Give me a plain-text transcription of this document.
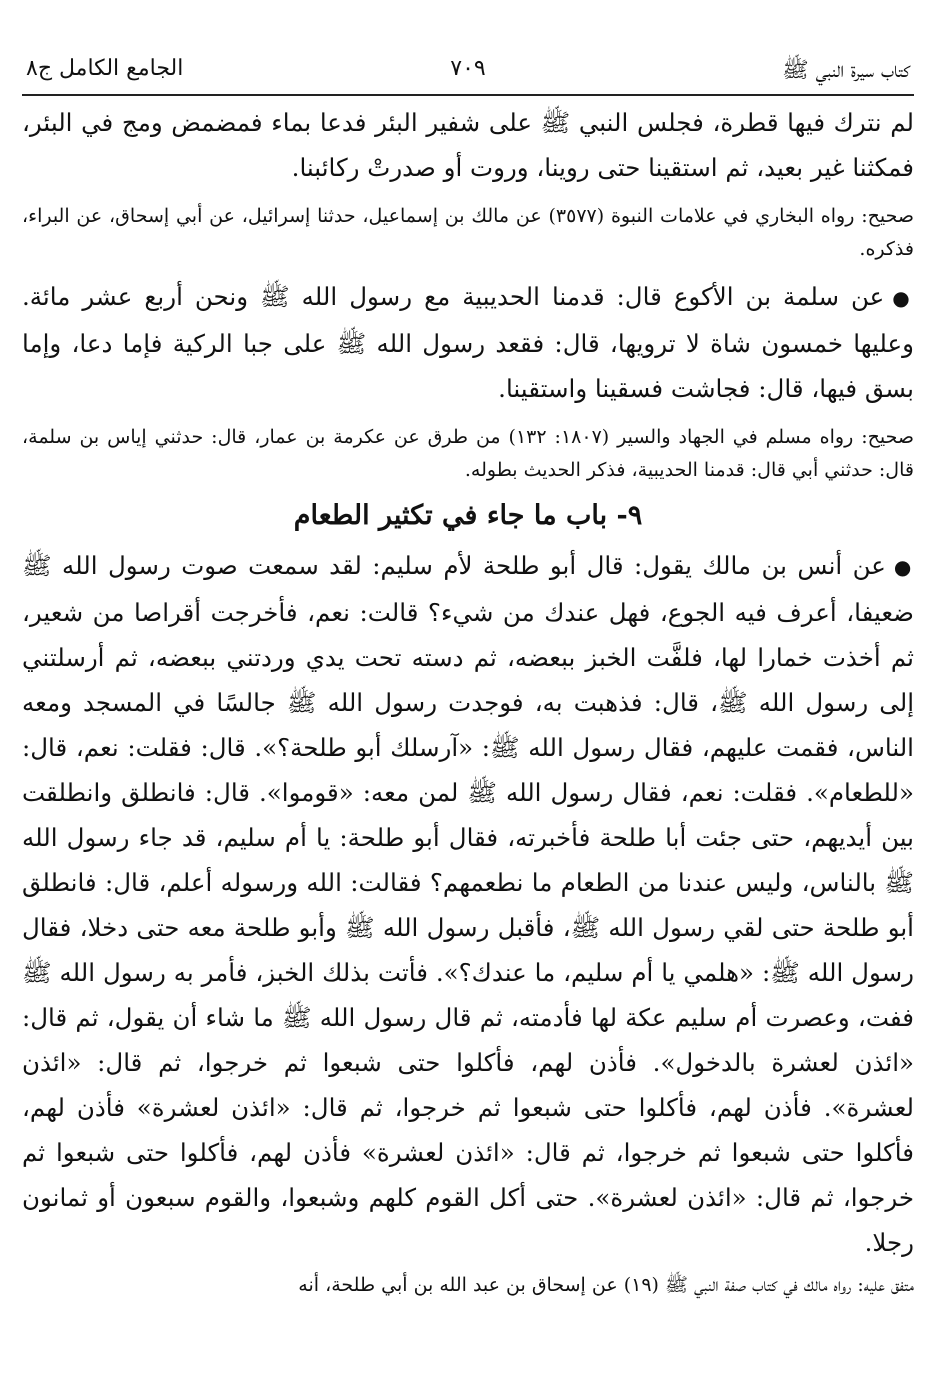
كتاب سيرة النبي ﷺ
٧٠٩
الجامع الكامل ج٨

لم نترك فيها قطرة، فجلس النبي ﷺ على شفير البئر فدعا بماء فمضمض ومج في البئر، فمكثنا غير بعيد، ثم استقينا حتى روينا، وروت أو صدرتْ ركائبنا.

صحيح: رواه البخاري في علامات النبوة (٣٥٧٧) عن مالك بن إسماعيل، حدثنا إسرائيل، عن أبي إسحاق، عن البراء، فذكره.

●عن سلمة بن الأكوع قال: قدمنا الحديبية مع رسول الله ﷺ ونحن أربع عشر مائة. وعليها خمسون شاة لا ترويها، قال: فقعد رسول الله ﷺ على جبا الركية فإما دعا، وإما بسق فيها، قال: فجاشت فسقينا واستقينا.

صحيح: رواه مسلم في الجهاد والسير (١٨٠٧: ١٣٢) من طرق عن عكرمة بن عمار، قال: حدثني إياس بن سلمة، قال: حدثني أبي قال: قدمنا الحديبية، فذكر الحديث بطوله.

٩- باب ما جاء في تكثير الطعام

●عن أنس بن مالك يقول: قال أبو طلحة لأم سليم: لقد سمعت صوت رسول الله ﷺ ضعيفا، أعرف فيه الجوع، فهل عندك من شيء؟ قالت: نعم، فأخرجت أقراصا من شعير، ثم أخذت خمارا لها، فلفَّت الخبز ببعضه، ثم دسته تحت يدي وردتني ببعضه، ثم أرسلتني إلى رسول الله ﷺ، قال: فذهبت به، فوجدت رسول الله ﷺ جالسًا في المسجد ومعه الناس، فقمت عليهم، فقال رسول الله ﷺ: «آرسلك أبو طلحة؟». قال: فقلت: نعم، قال: «للطعام». فقلت: نعم، فقال رسول الله ﷺ لمن معه: «قوموا». قال: فانطلق وانطلقت بين أيديهم، حتى جئت أبا طلحة فأخبرته، فقال أبو طلحة: يا أم سليم، قد جاء رسول الله ﷺ بالناس، وليس عندنا من الطعام ما نطعمهم؟ فقالت: الله ورسوله أعلم، قال: فانطلق أبو طلحة حتى لقي رسول الله ﷺ، فأقبل رسول الله ﷺ وأبو طلحة معه حتى دخلا، فقال رسول الله ﷺ: «هلمي يا أم سليم، ما عندك؟». فأتت بذلك الخبز، فأمر به رسول الله ﷺ ففت، وعصرت أم سليم عكة لها فأدمته، ثم قال رسول الله ﷺ ما شاء أن يقول، ثم قال: «ائذن لعشرة بالدخول». فأذن لهم، فأكلوا حتى شبعوا ثم خرجوا، ثم قال: «ائذن لعشرة». فأذن لهم، فأكلوا حتى شبعوا ثم خرجوا، ثم قال: «ائذن لعشرة» فأذن لهم، فأكلوا حتى شبعوا ثم خرجوا، ثم قال: «ائذن لعشرة» فأذن لهم، فأكلوا حتى شبعوا ثم خرجوا، ثم قال: «ائذن لعشرة». حتى أكل القوم كلهم وشبعوا، والقوم سبعون أو ثمانون رجلا.

متفق عليه: رواه مالك في كتاب صفة النبي ﷺ (١٩) عن إسحاق بن عبد الله بن أبي طلحة، أنه
